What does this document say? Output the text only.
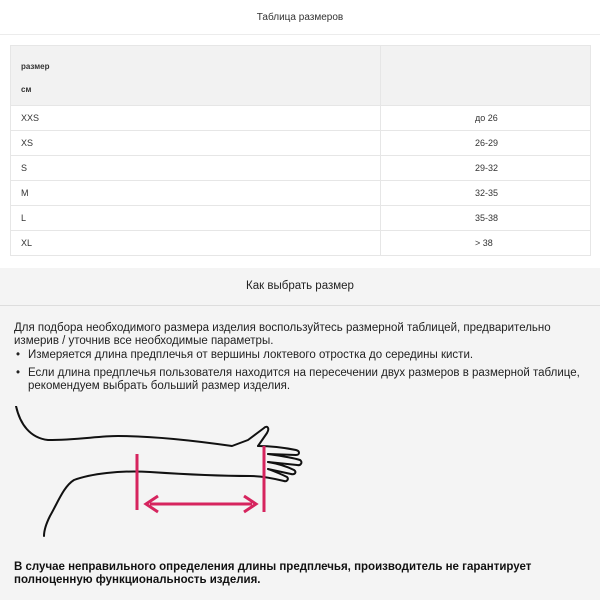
Таблица размеров
размер
см	

XXS	до 26
XS	26-29
S	29-32
M	32-35
L	35-38
XL	> 38
Как выбрать размер
Для подбора необходимого размера изделия воспользуйтесь размерной таблицей, предварительно измерив / уточнив все необходимые параметры.
• Измеряется длина предплечья от вершины локтевого отростка до середины кисти.
• Если длина предплечья пользователя находится на пересечении двух размеров в размерной таблице, рекомендуем выбрать больший размер изделия.
В случае неправильного определения длины предплечья, производитель не гарантирует полноценную функциональность изделия.
